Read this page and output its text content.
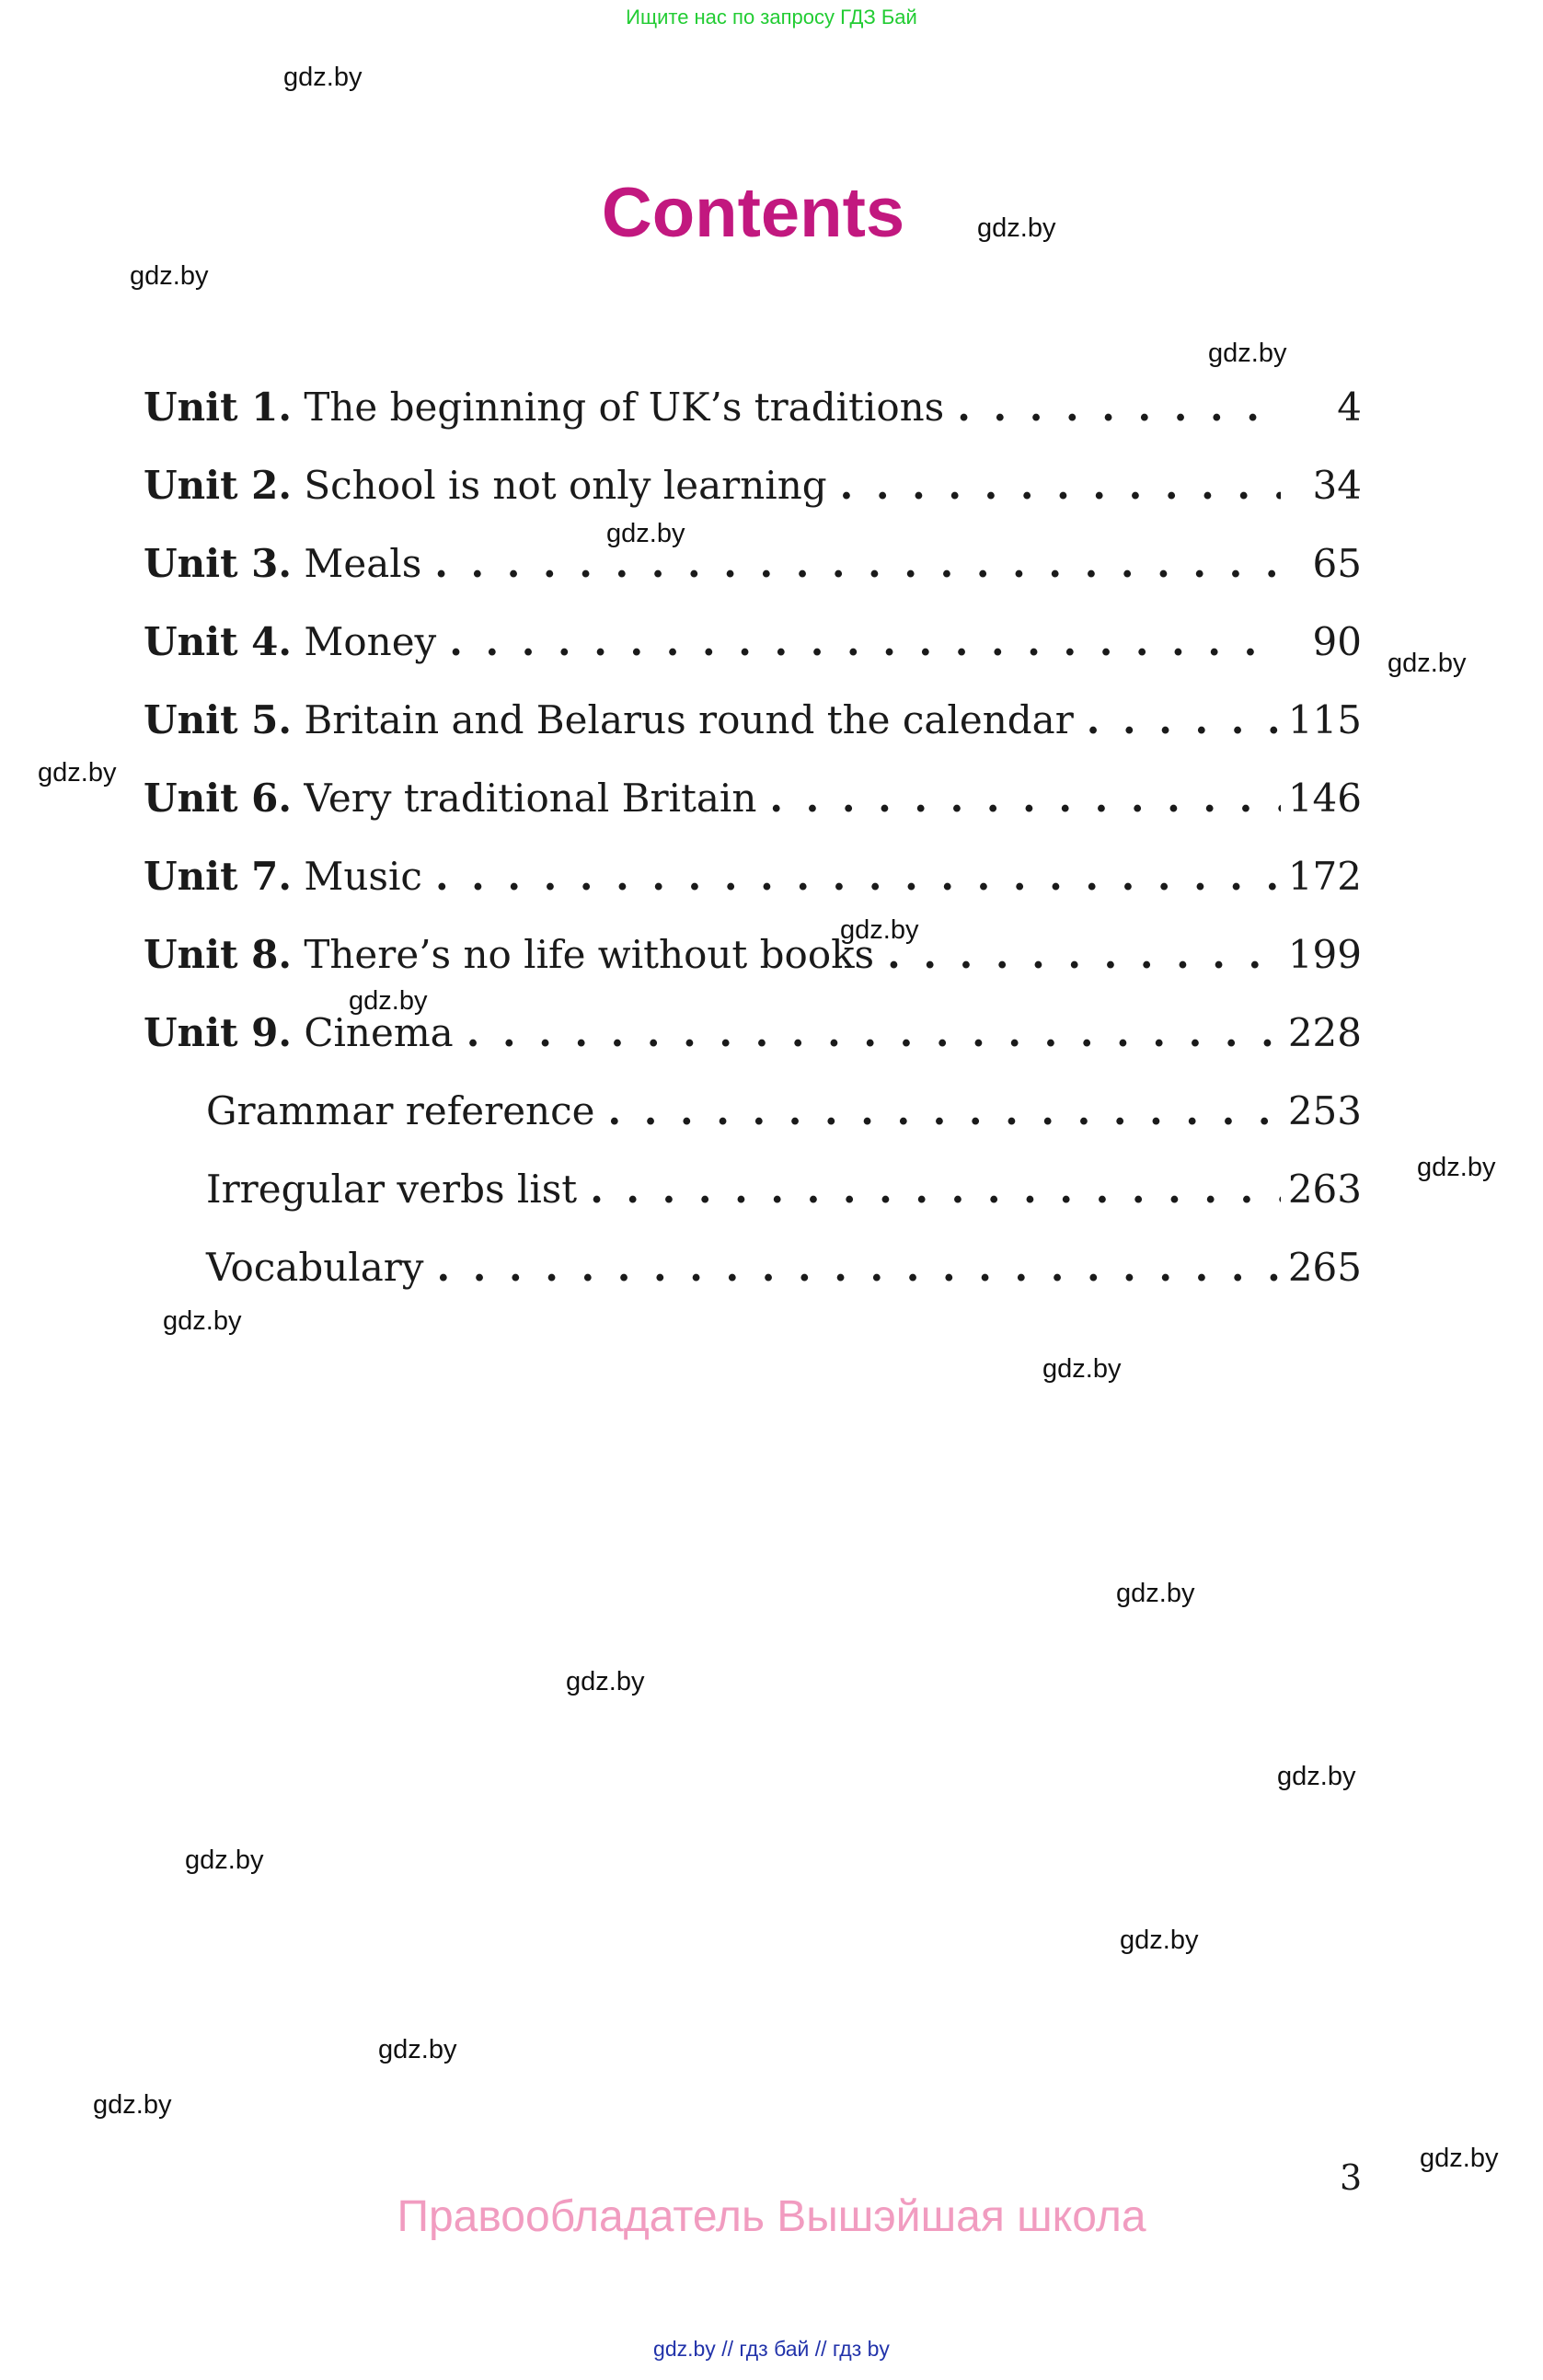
Ищите нас по запросу ГДЗ Бай
Contents
Unit 1. The beginning of UK’s traditions . . .	4
Unit 2. School is not only learning . . .	34
Unit 3. Meals . . .	65
Unit 4. Money . . .	90
Unit 5. Britain and Belarus round the calendar . . .	115
Unit 6. Very traditional Britain . . .	146
Unit 7. Music . . .	172
Unit 8. There’s no life without books . . .	199
Unit 9. Cinema . . .	228
Grammar reference . . .	253
Irregular verbs list . . .	263
Vocabulary . . .	265
gdz.by
gdz.by
gdz.by
gdz.by
gdz.by
gdz.by
gdz.by
gdz.by
gdz.by
gdz.by
gdz.by
gdz.by
gdz.by
gdz.by
gdz.by
gdz.by
gdz.by
gdz.by
gdz.by
gdz.by
3
Правообладатель Вышэйшая школа
gdz.by // гдз бай // гдз by
